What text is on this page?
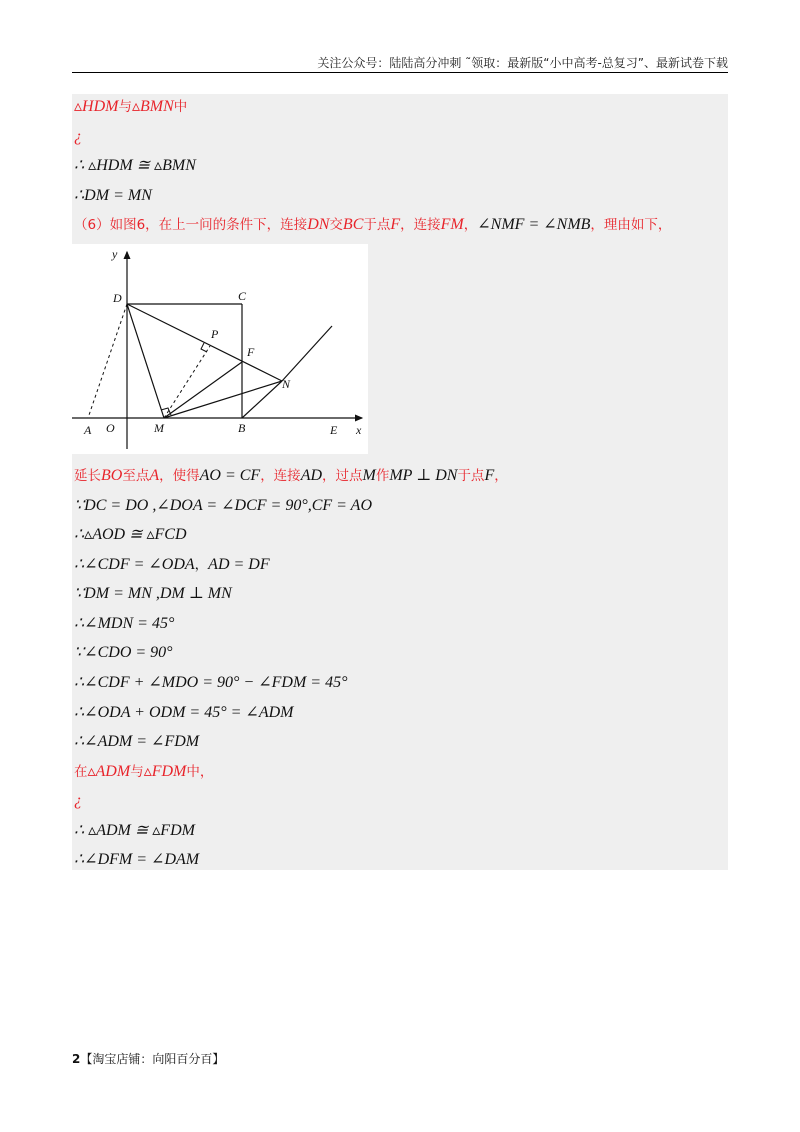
关注公众号：陆陆高分冲刺 ˜领取：最新版“小中高考-总复习”、最新试卷下载
▵HDM与▵BMN中
¿
∴ ▵HDM ≅ ▵BMN
∴DM = MN
（6）如图6，在上一问的条件下，连接DN交BC于点F，连接FM，∠NMF = ∠NMB，理由如下，
y
x
D	C
P
F
N
A O	M	B	E
延长BO至点A，使得AO = CF，连接AD，过点M作MP ⊥ DN于点F，
∵DC = DO ,∠DOA = ∠DCF = 90°,CF = AO
∴▵AOD ≅ ▵FCD
∴∠CDF = ∠ODA，AD = DF
∵DM = MN ,DM ⊥ MN
∴∠MDN = 45°
∵∠CDO = 90°
∴∠CDF + ∠MDO = 90° − ∠FDM = 45°
∴∠ODA + ODM = 45° = ∠ADM
∴∠ADM = ∠FDM
在▵ADM与▵FDM中，
¿
∴ ▵ADM ≅ ▵FDM
∴∠DFM = ∠DAM
2【淘宝店铺：向阳百分百】
